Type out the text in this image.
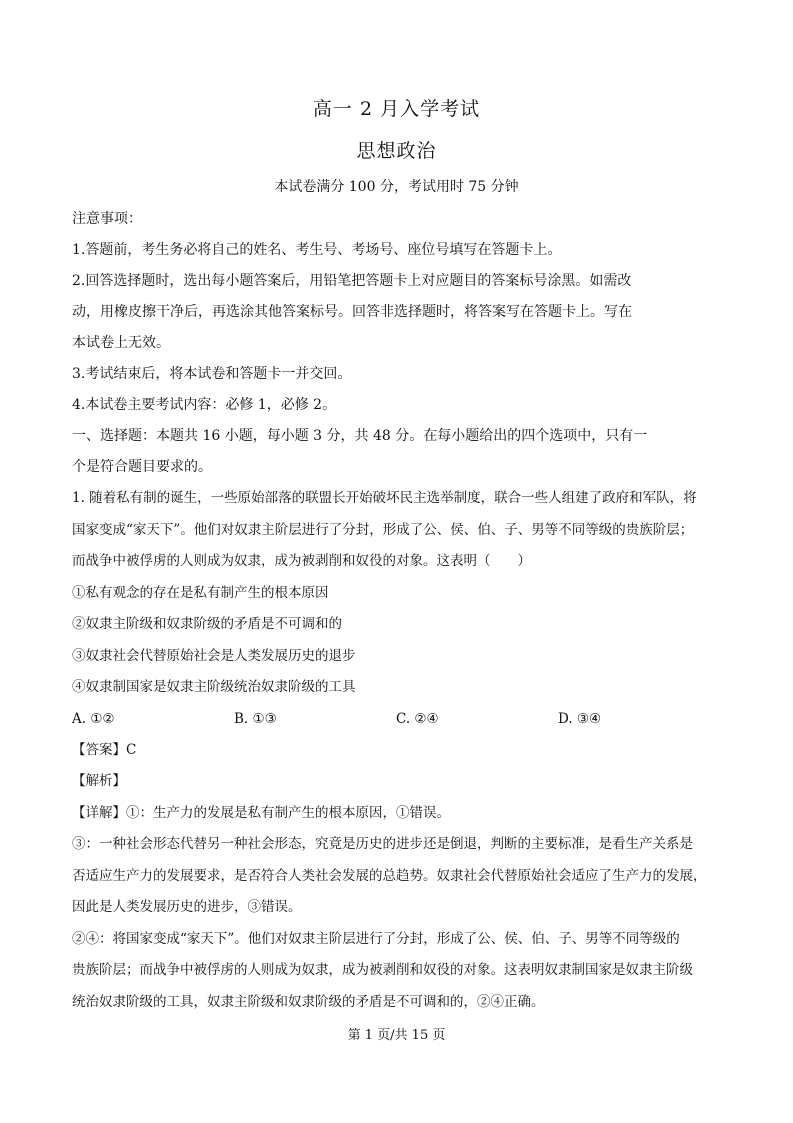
高一 2 月入学考试
思想政治
本试卷满分 100 分，考试用时 75 分钟
注意事项：
1.答题前，考生务必将自己的姓名、考生号、考场号、座位号填写在答题卡上。
2.回答选择题时，选出每小题答案后，用铅笔把答题卡上对应题目的答案标号涂黑。如需改
动，用橡皮擦干净后，再选涂其他答案标号。回答非选择题时，将答案写在答题卡上。写在
本试卷上无效。
3.考试结束后，将本试卷和答题卡一并交回。
4.本试卷主要考试内容：必修 1，必修 2。
一、选择题：本题共 16 小题，每小题 3 分，共 48 分。在每小题给出的四个选项中，只有一
个是符合题目要求的。
1. 随着私有制的诞生，一些原始部落的联盟长开始破坏民主选举制度，联合一些人组建了政府和军队，将
国家变成“家天下”。他们对奴隶主阶层进行了分封，形成了公、侯、伯、子、男等不同等级的贵族阶层；
而战争中被俘虏的人则成为奴隶，成为被剥削和奴役的对象。这表明（　　）
①私有观念的存在是私有制产生的根本原因
②奴隶主阶级和奴隶阶级的矛盾是不可调和的
③奴隶社会代替原始社会是人类发展历史的退步
④奴隶制国家是奴隶主阶级统治奴隶阶级的工具
A. ①②	B. ①③	C. ②④	D. ③④
【答案】C
【解析】
【详解】①：生产力的发展是私有制产生的根本原因，①错误。
③：一种社会形态代替另一种社会形态，究竟是历史的进步还是倒退，判断的主要标准，是看生产关系是
否适应生产力的发展要求，是否符合人类社会发展的总趋势。奴隶社会代替原始社会适应了生产力的发展，
因此是人类发展历史的进步，③错误。
②④：将国家变成“家天下”。他们对奴隶主阶层进行了分封，形成了公、侯、伯、子、男等不同等级的
贵族阶层；而战争中被俘虏的人则成为奴隶，成为被剥削和奴役的对象。这表明奴隶制国家是奴隶主阶级
统治奴隶阶级的工具，奴隶主阶级和奴隶阶级的矛盾是不可调和的，②④正确。
第 1 页/共 15 页
